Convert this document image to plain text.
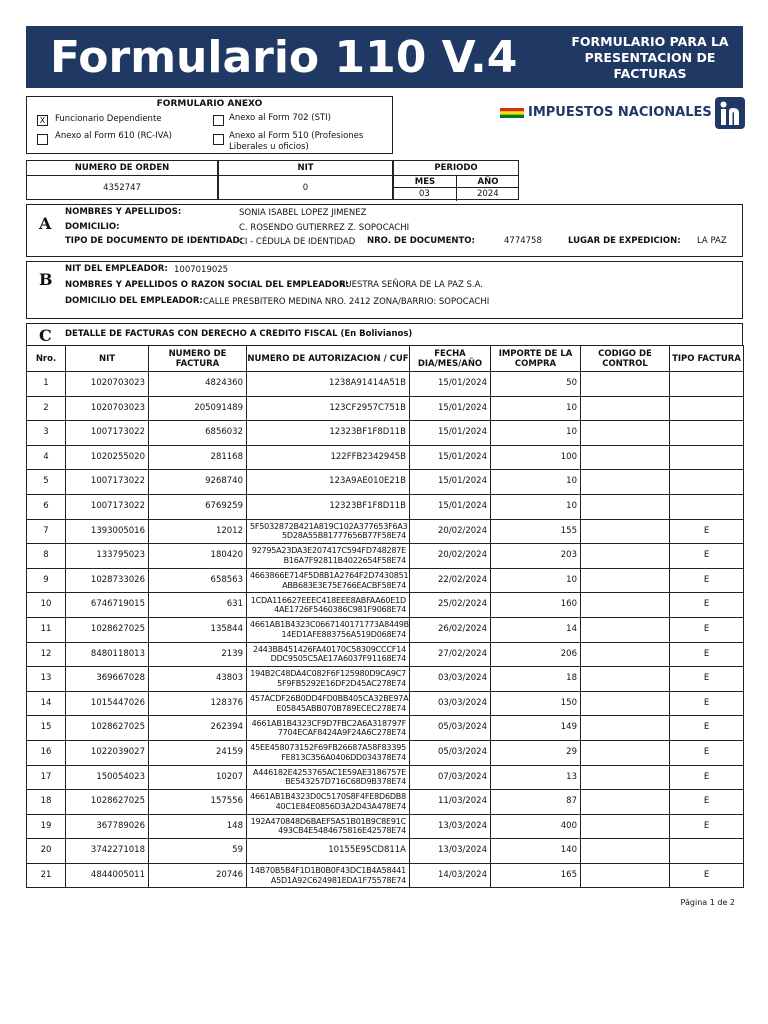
Formulario 110 V.4	FORMULARIO PARA LA
PRESENTACION DE
FACTURAS
FORMULARIO ANEXO
X	Funcionario Dependiente	Anexo al Form 702 (STI)
Anexo al Form 610 (RC-IVA)	Anexo al Form 510 (Profesiones Liberales u oficios)
IMPUESTOS NACIONALES
NUMERO DE ORDEN
4352747
NIT
0
PERIODO
MES	AÑO
03	2024
A
NOMBRES Y APELLIDOS:	SONIA ISABEL LOPEZ JIMENEZ
DOMICILIO:	C. ROSENDO GUTIERREZ Z. SOPOCACHI
TIPO DE DOCUMENTO DE IDENTIDAD:
CI - CÉDULA DE IDENTIDAD NRO. DE DOCUMENTO:	4774758	LUGAR DE EXPEDICION: LA PAZ
B
NIT DEL EMPLEADOR: 1007019025
NOMBRES Y APELLIDOS O RAZON SOCIAL DEL EMPLEADOR:
NUESTRA SEÑORA DE LA PAZ S.A.
DOMICILIO DEL EMPLEADOR: CALLE PRESBITERO MEDINA NRO. 2412 ZONA/BARRIO: SOPOCACHI
C DETALLE DE FACTURAS CON DERECHO A CREDITO FISCAL (En Bolivianos)
Nro.	NIT	NUMERO DE FACTURA	NUMERO DE AUTORIZACION / CUF	FECHA DIA/MES/AÑO	IMPORTE DE LA COMPRA	CODIGO DE CONTROL	TIPO FACTURA
1	1020703023	4824360	1238A91414A51B	15/01/2024	50		
2	1020703023	205091489	123CF2957C751B	15/01/2024	10		
3	1007173022	6856032	12323BF1F8D11B	15/01/2024	10		
4	1020255020	281168	122FFB2342945B	15/01/2024	100		
5	1007173022	9268740	123A9AE010E21B	15/01/2024	10		
6	1007173022	6769259	12323BF1F8D11B	15/01/2024	10		
7	1393005016	12012	5F5032872B421A819C102A377653F6A3
5D28A55B81777656B77F58E74	20/02/2024	155		E
8	133795023	180420	92795A23DA3E207417C594FD748287E
B16A7F92811B4022654F58E74	20/02/2024	203		E
9	1028733026	658563	4663866E714F5D8B1A2764F2D7430851
ABB683E3E75E766EACBF58E74	22/02/2024	10		E
10	6746719015	631	1CDA116627EEEC418EEE8ABFAA60E1D
4AE1726F5460386C981F9068E74	25/02/2024	160		E
11	1028627025	135844	4661AB1B4323C0667140171773A8449B
14ED1AFE883756A519D068E74	26/02/2024	14		E
12	8480118013	2139	2443BB451426FA40170C58309CCCF14
DDC9505C5AE17A6037F91168E74	27/02/2024	206		E
13	369667028	43803	194B2C48DA4C082F6F125980D9CA9C7
5F9FB5292E16DF2D45AC278E74	03/03/2024	18		E
14	1015447026	128376	457ACDF26B0DD4FD0BB405CA32BE97A
E05845ABB070B789ECEC278E74	03/03/2024	150		E
15	1028627025	262394	4661AB1B4323CF9D7FBC2A6A318797F
7704ECAF8424A9F24A6C278E74	05/03/2024	149		E
16	1022039027	24159	45EE458073152F69FB26687A58F83395
FE813C356A0406DD034378E74	05/03/2024	29		E
17	150054023	10207	A446182E4253765AC1E59AE3186757E
BE543257D716C68D9B378E74	07/03/2024	13		E
18	1028627025	157556	4661AB1B4323D0C5170S8F4FE8D6DB8
40C1E84E0856D3A2D43A478E74	11/03/2024	87		E
19	367789026	148	192A470848D6BAEF5A51B01B9C8E91C
493CB4E5484675816E42578E74	13/03/2024	400		E
20	3742271018	59	10155E95CD811A	13/03/2024	140		
21	4844005011	20746	14B70B5B4F1D1B0B0F43DC1B4A58441
A5D1A92C624981EDA1F75578E74	14/03/2024	165		E
Página 1 de 2
